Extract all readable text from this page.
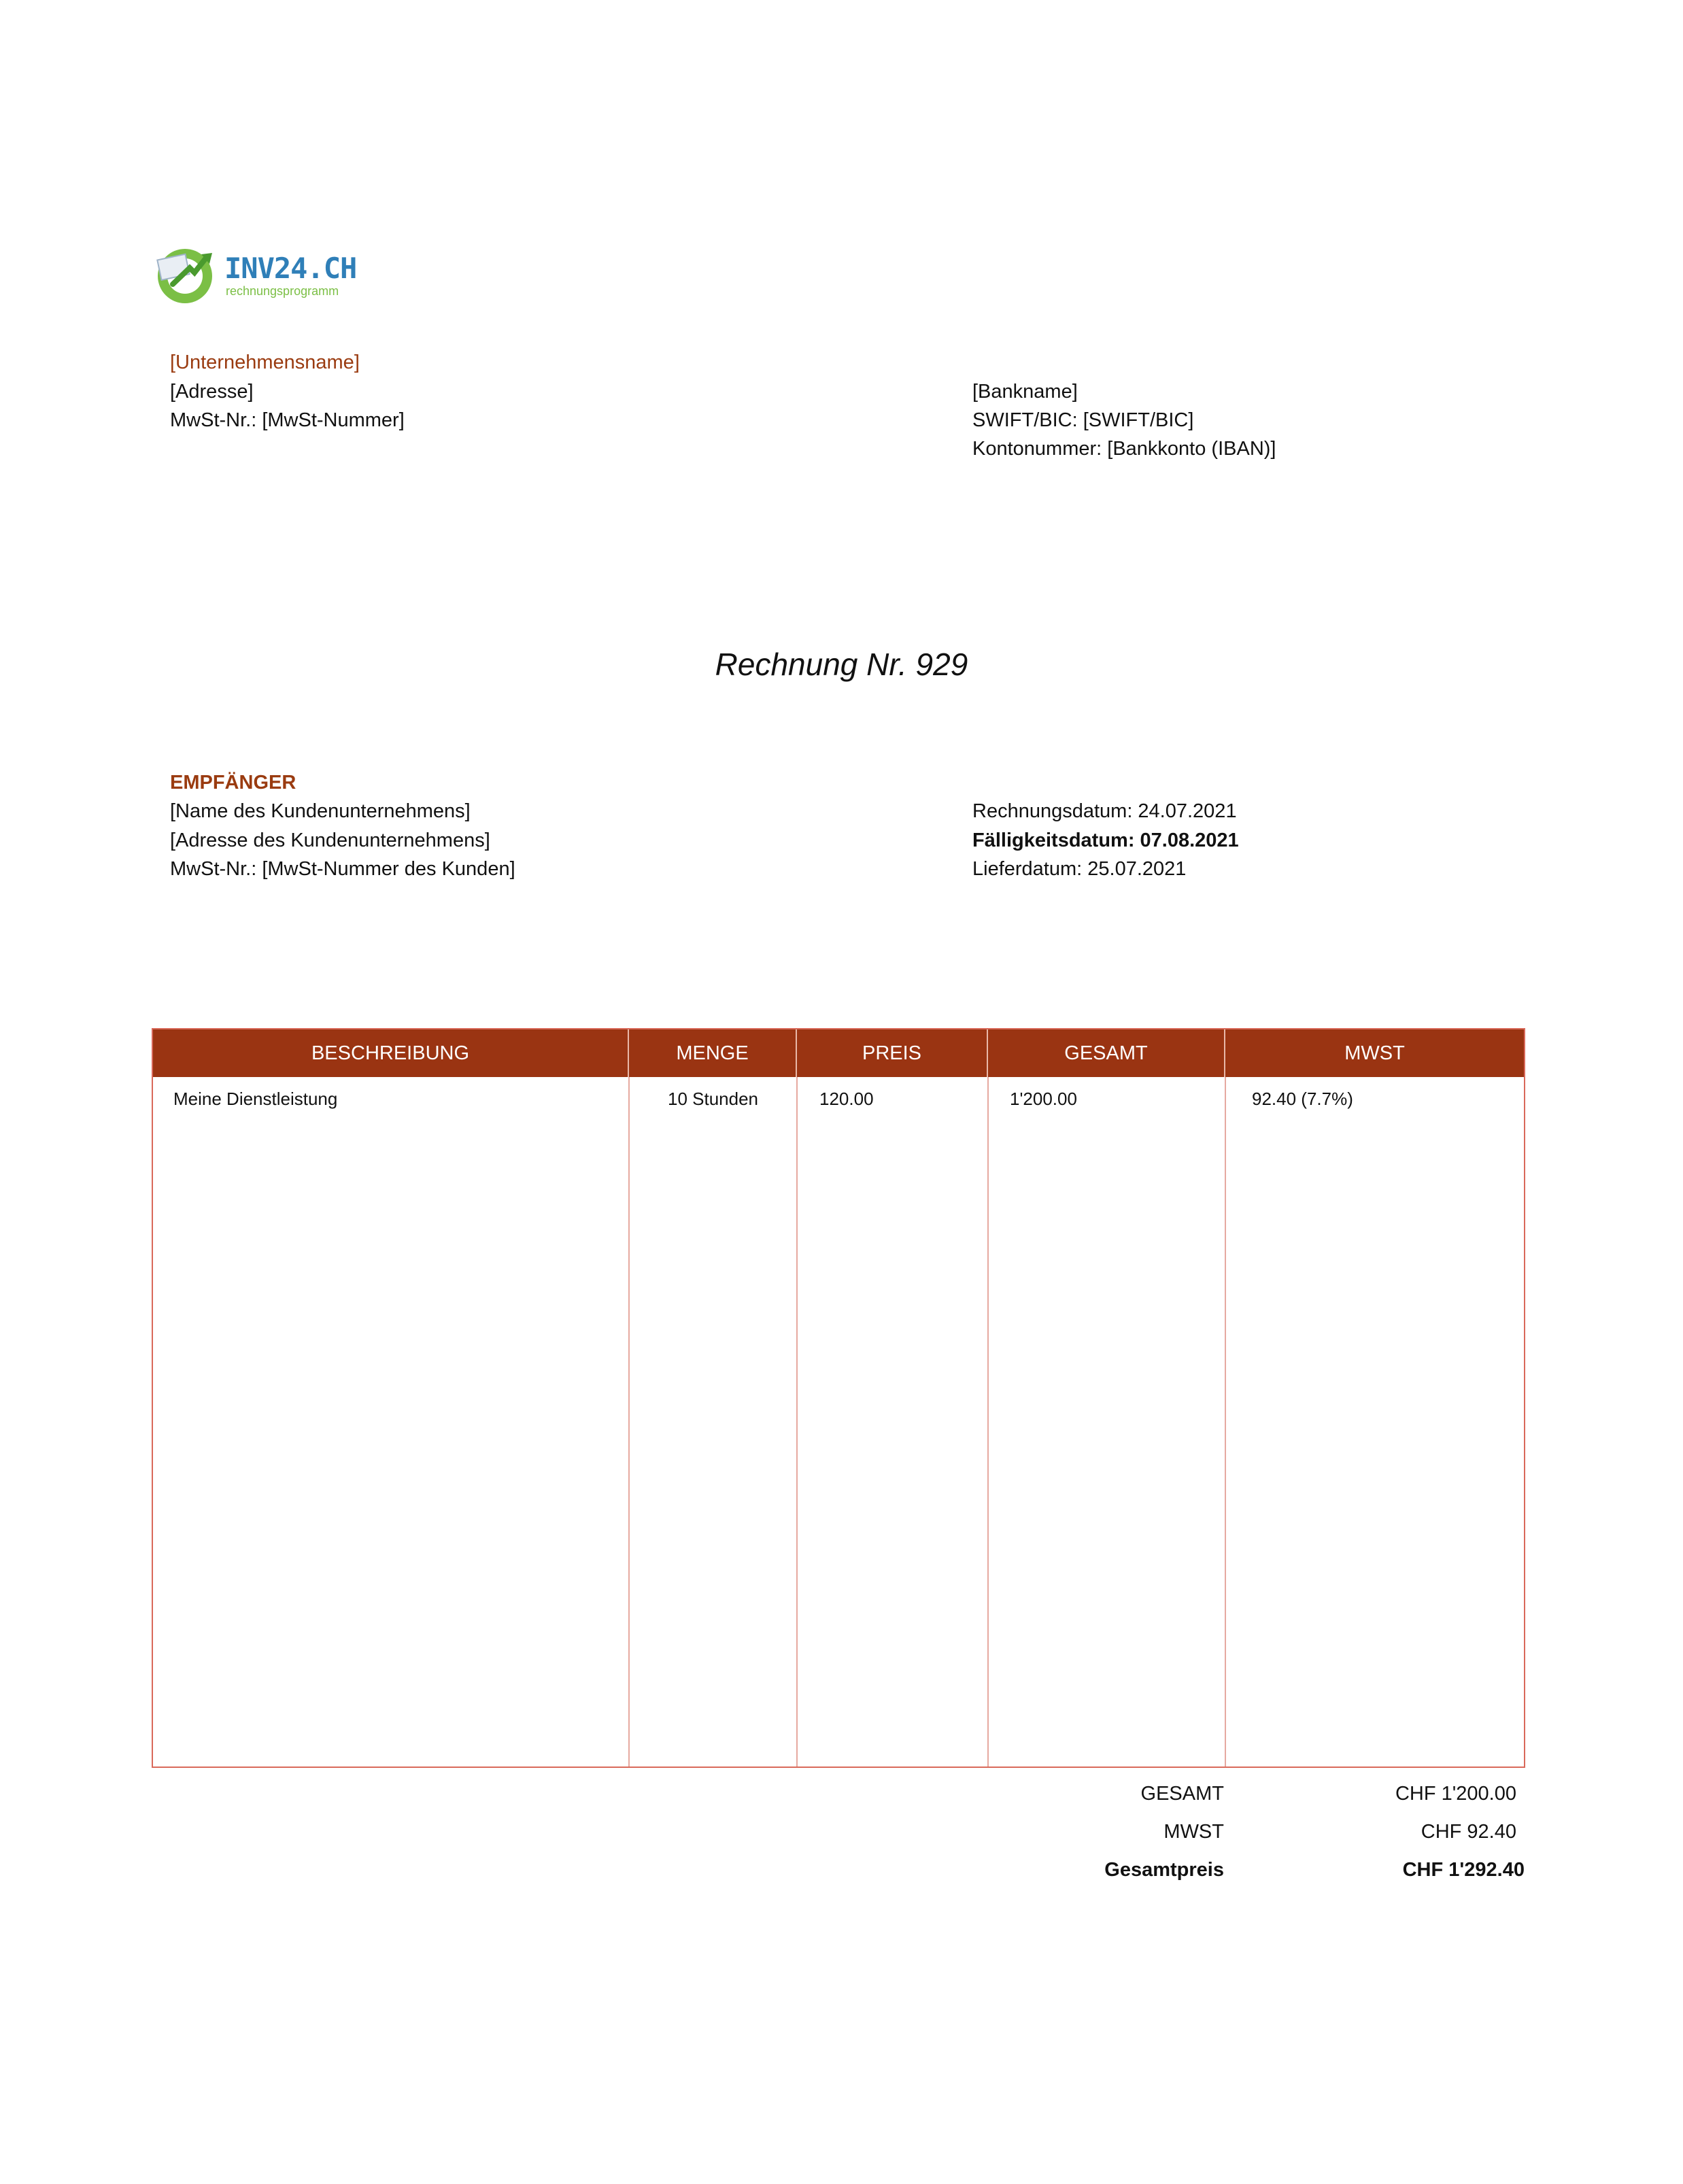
INV24.CH
rechnungsprogramm
[Unternehmensname]
[Adresse]
MwSt-Nr.: [MwSt-Nummer]
[Bankname]
SWIFT/BIC: [SWIFT/BIC]
Kontonummer: [Bankkonto (IBAN)]
Rechnung Nr. 929
EMPFÄNGER
[Name des Kundenunternehmens]
[Adresse des Kundenunternehmens]
MwSt-Nr.: [MwSt-Nummer des Kunden]
Rechnungsdatum: 24.07.2021
Fälligkeitsdatum: 07.08.2021
Lieferdatum: 25.07.2021
BESCHREIBUNG	MENGE	PREIS	GESAMT	MWST
Meine Dienstleistung	10 Stunden	120.00	1'200.00	92.40 (7.7%)
GESAMT	CHF 1'200.00
MWST	CHF 92.40
Gesamtpreis	CHF 1'292.40
